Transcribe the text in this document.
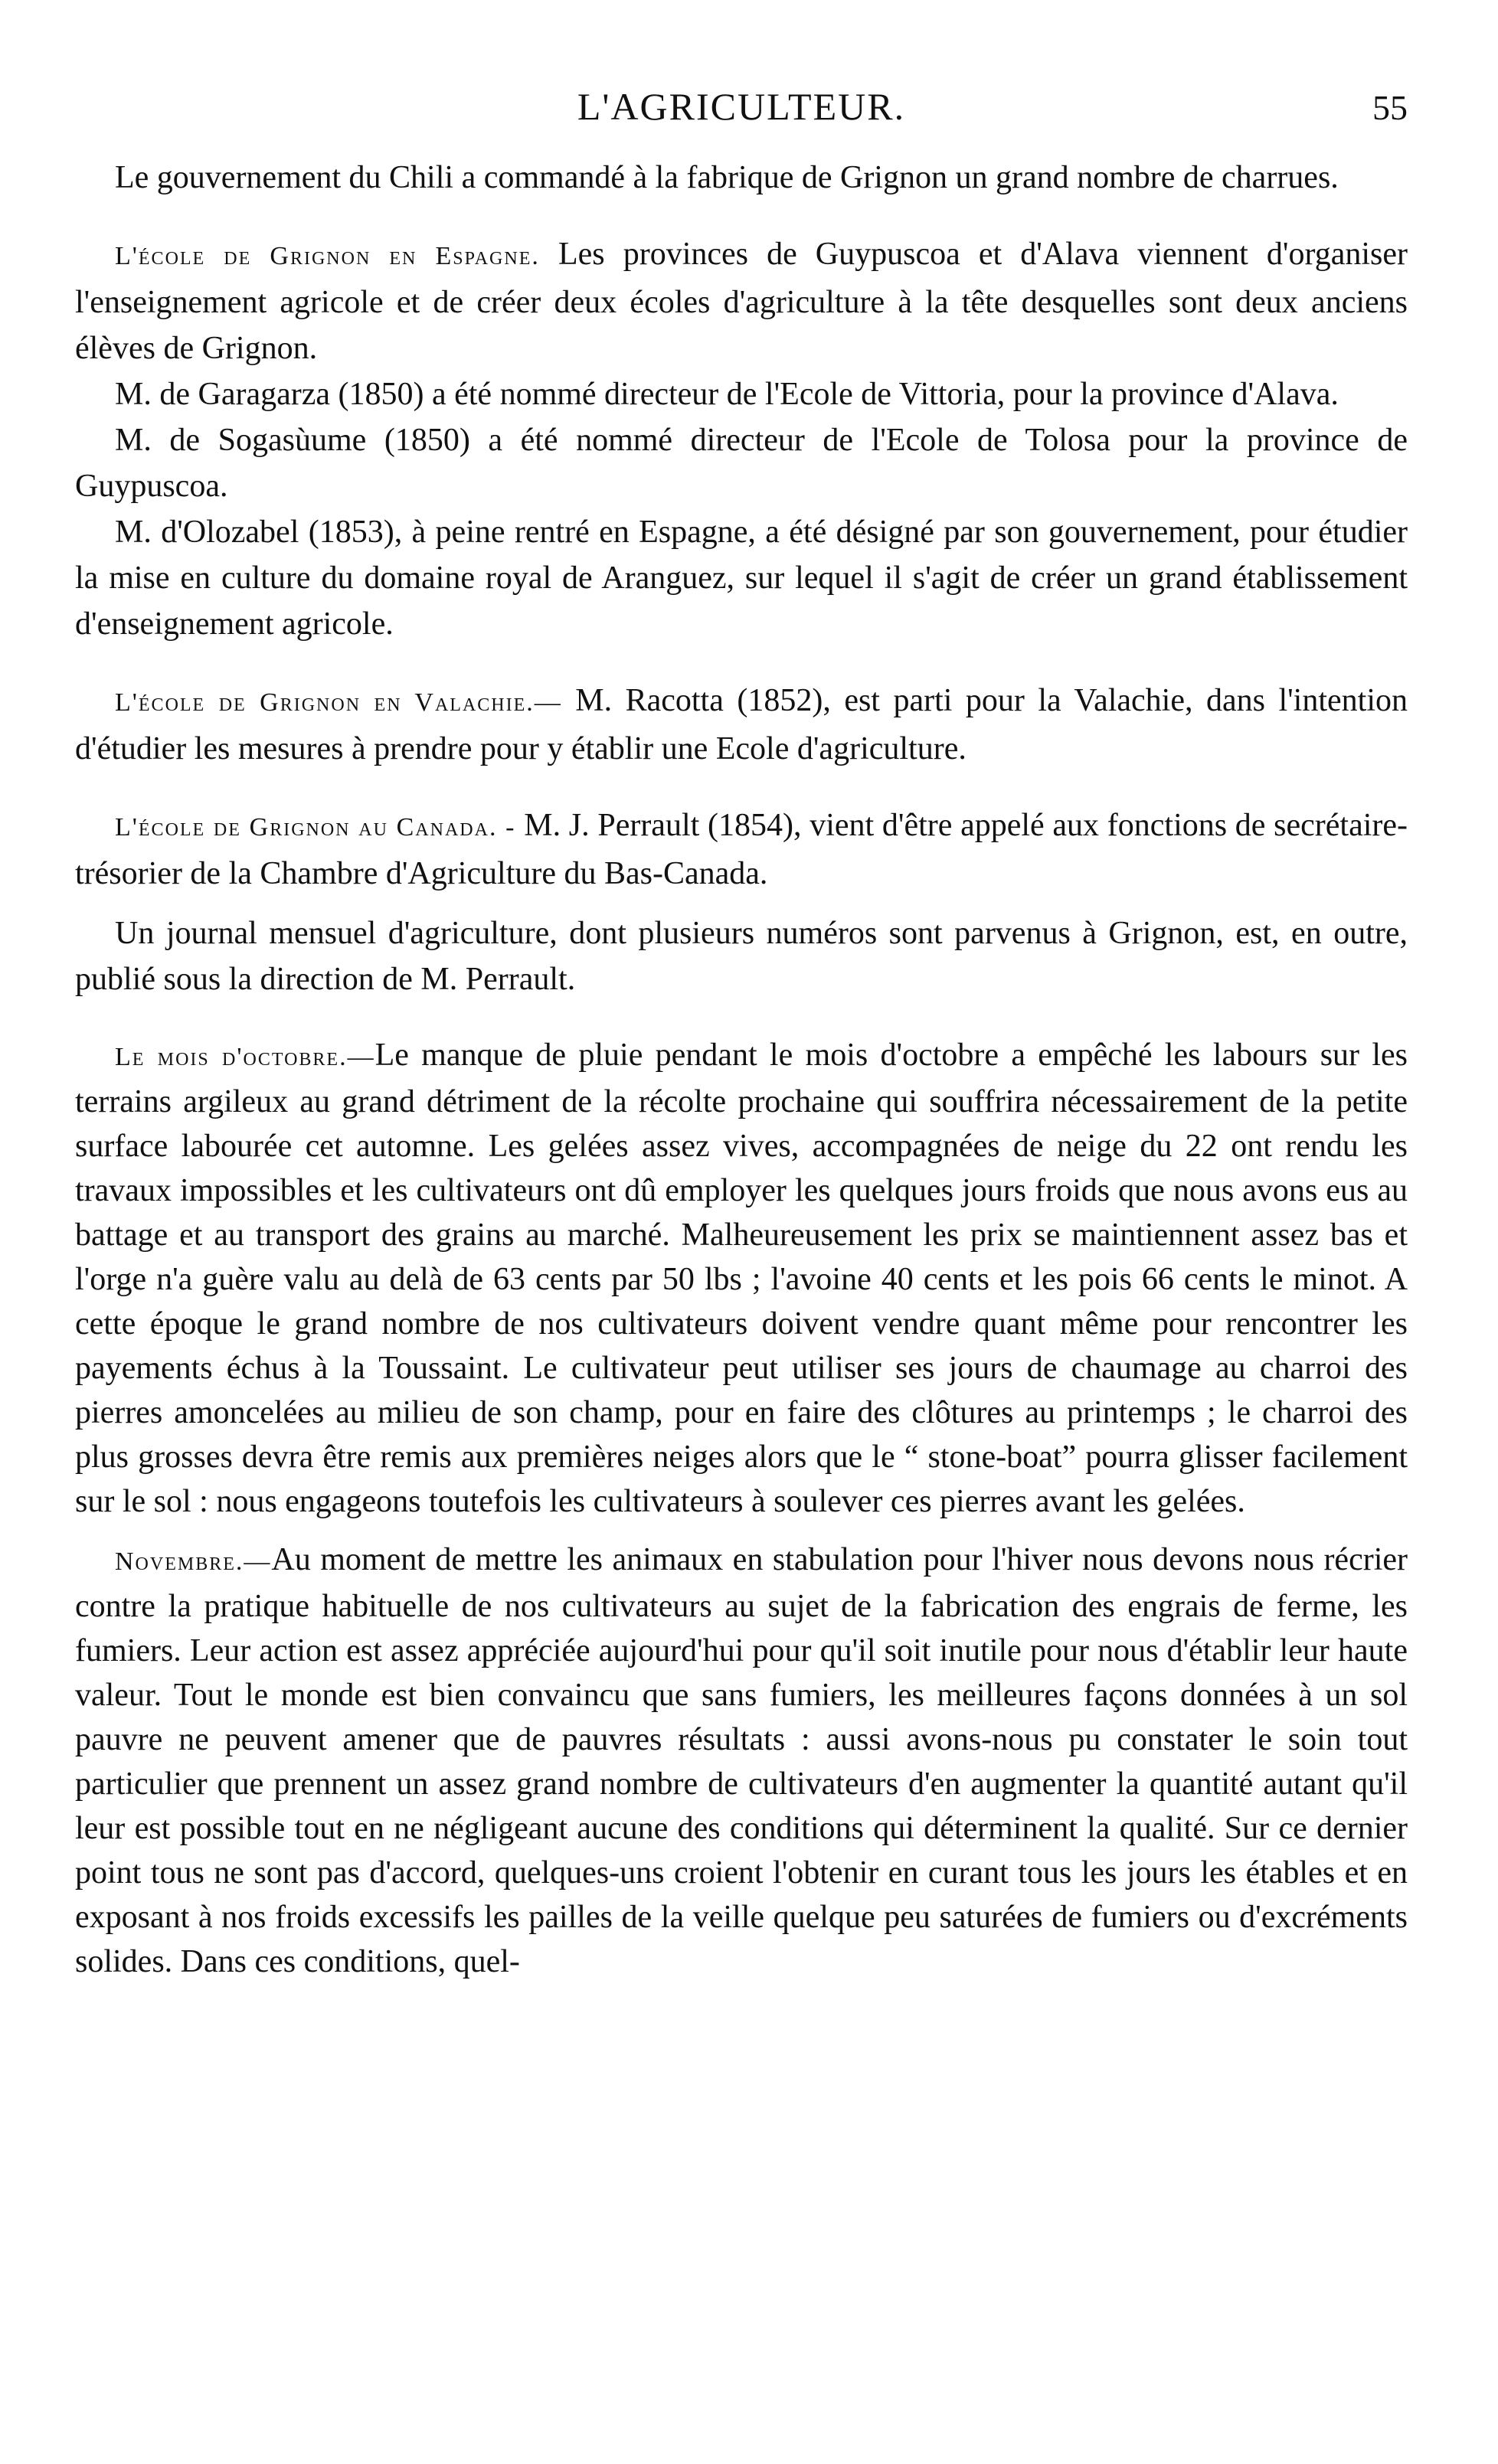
L'AGRICULTEUR.	55

Le gouvernement du Chili a commandé à la fabrique de Grignon un grand nombre de charrues.

L'école de Grignon en Espagne. Les provinces de Guypuscoa et d'Alava viennent d'organiser l'enseignement agricole et de créer deux écoles d'agriculture à la tête desquelles sont deux anciens élèves de Grignon.

M. de Garagarza (1850) a été nommé directeur de l'Ecole de Vittoria, pour la province d'Alava.

M. de Sogasùume (1850) a été nommé directeur de l'Ecole de Tolosa pour la province de Guypuscoa.

M. d'Olozabel (1853), à peine rentré en Espagne, a été désigné par son gouvernement, pour étudier la mise en culture du domaine royal de Aranguez, sur lequel il s'agit de créer un grand établissement d'enseignement agricole.

L'école de Grignon en Valachie.— M. Racotta (1852), est parti pour la Valachie, dans l'intention d'étudier les mesures à prendre pour y établir une Ecole d'agriculture.

L'école de Grignon au Canada. - M. J. Perrault (1854), vient d'être appelé aux fonctions de secrétaire-trésorier de la Chambre d'Agriculture du Bas-Canada.

Un journal mensuel d'agriculture, dont plusieurs numéros sont parvenus à Grignon, est, en outre, publié sous la direction de M. Perrault.

Le mois d'octobre.—Le manque de pluie pendant le mois d'octobre a empêché les labours sur les terrains argileux au grand détriment de la récolte prochaine qui souffrira nécessairement de la petite surface labourée cet automne. Les gelées assez vives, accompagnées de neige du 22 ont rendu les travaux impossibles et les cultivateurs ont dû employer les quelques jours froids que nous avons eus au battage et au transport des grains au marché. Malheureusement les prix se maintiennent assez bas et l'orge n'a guère valu au delà de 63 cents par 50 lbs ; l'avoine 40 cents et les pois 66 cents le minot. A cette époque le grand nombre de nos cultivateurs doivent vendre quant même pour rencontrer les payements échus à la Toussaint. Le cultivateur peut utiliser ses jours de chaumage au charroi des pierres amoncelées au milieu de son champ, pour en faire des clôtures au printemps ; le charroi des plus grosses devra être remis aux premières neiges alors que le “ stone-boat” pourra glisser facilement sur le sol : nous engageons toutefois les cultivateurs à soulever ces pierres avant les gelées.

Novembre.—Au moment de mettre les animaux en stabulation pour l'hiver nous devons nous récrier contre la pratique habituelle de nos cultivateurs au sujet de la fabrication des engrais de ferme, les fumiers. Leur action est assez appréciée aujourd'hui pour qu'il soit inutile pour nous d'établir leur haute valeur. Tout le monde est bien convaincu que sans fumiers, les meilleures façons données à un sol pauvre ne peuvent amener que de pauvres résultats : aussi avons-nous pu constater le soin tout particulier que prennent un assez grand nombre de cultivateurs d'en augmenter la quantité autant qu'il leur est possible tout en ne négligeant aucune des conditions qui déterminent la qualité. Sur ce dernier point tous ne sont pas d'accord, quelques-uns croient l'obtenir en curant tous les jours les étables et en exposant à nos froids excessifs les pailles de la veille quelque peu saturées de fumiers ou d'excréments solides. Dans ces conditions, quel-
